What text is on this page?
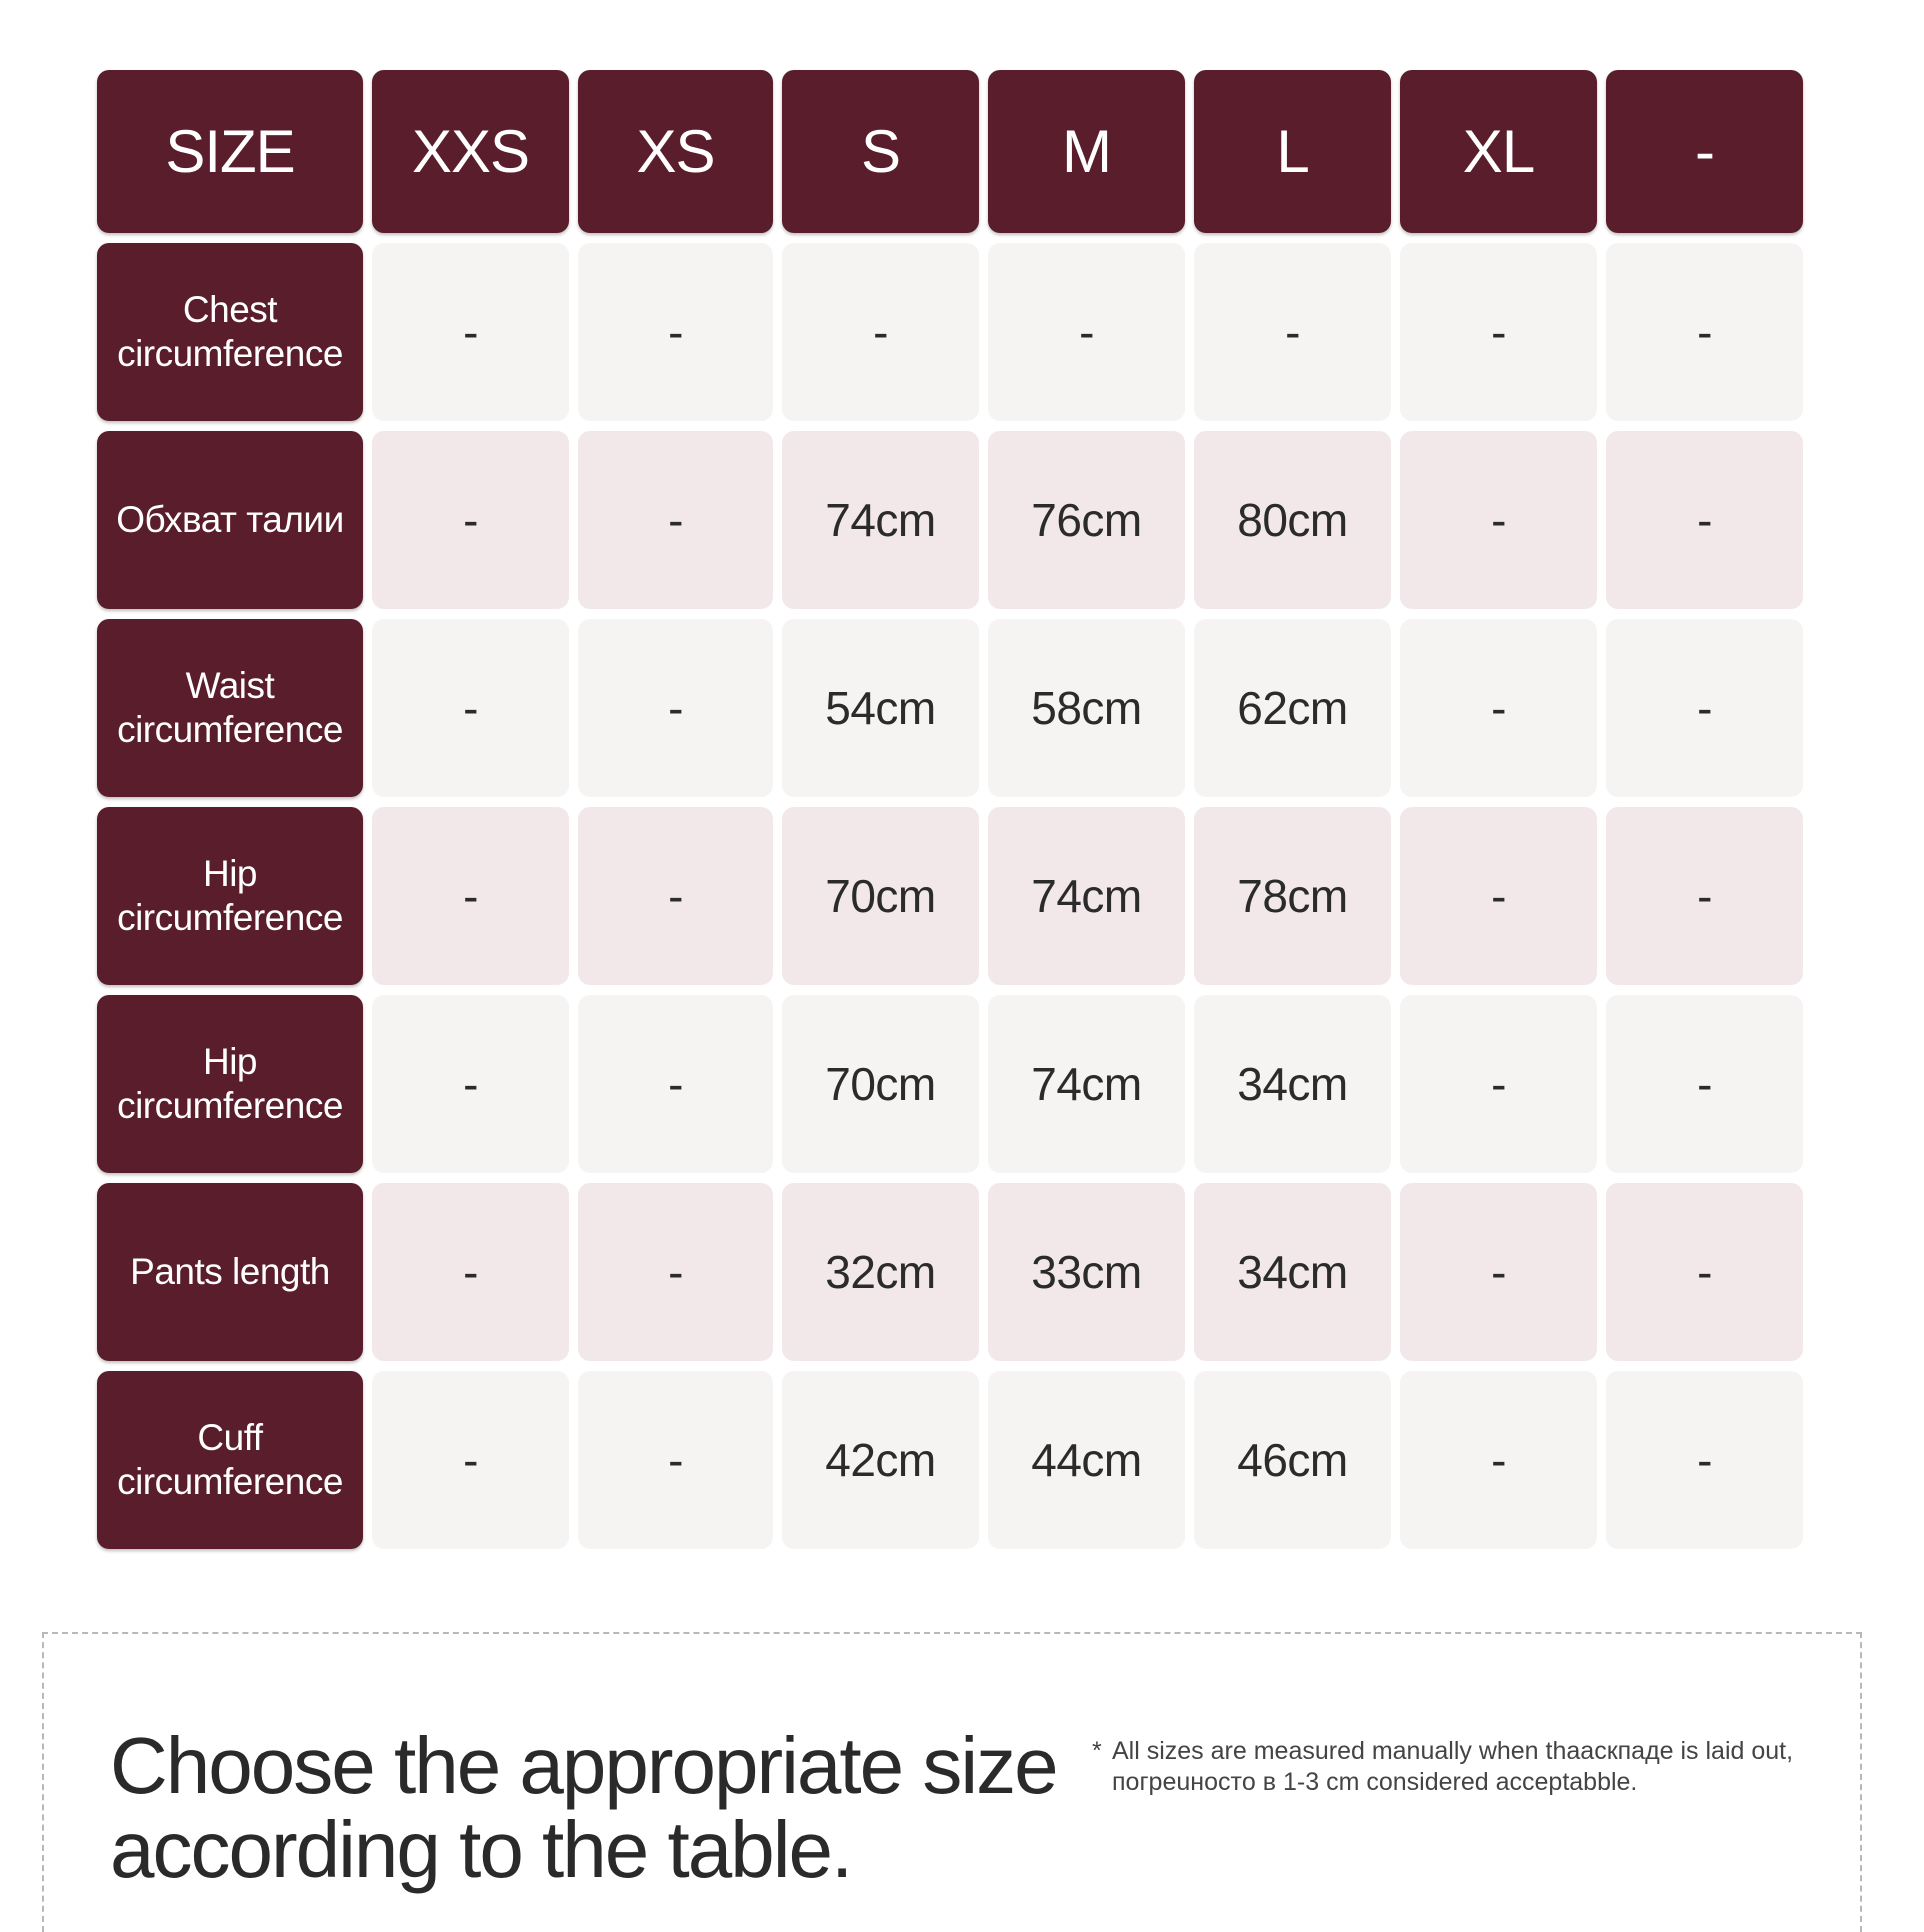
SIZE	XXS	XS	S	M	L	XL	-
Chest circumference	-	-	-	-	-	-	-
Обхват талии	-	-	74cm	76cm	80cm	-	-
Waist circumference	-	-	54cm	58cm	62cm	-	-
Hip circumference	-	-	70cm	74cm	78cm	-	-
Hip circumference	-	-	70cm	74cm	34cm	-	-
Pants length	-	-	32cm	33cm	34cm	-	-
Cuff circumference	-	-	42cm	44cm	46cm	-	-
Choose the appropriate size according to the table.
* All sizes are measured manually when thaacкпаде is laid out, погреuностo в 1-3 cm considered acceptabble.
